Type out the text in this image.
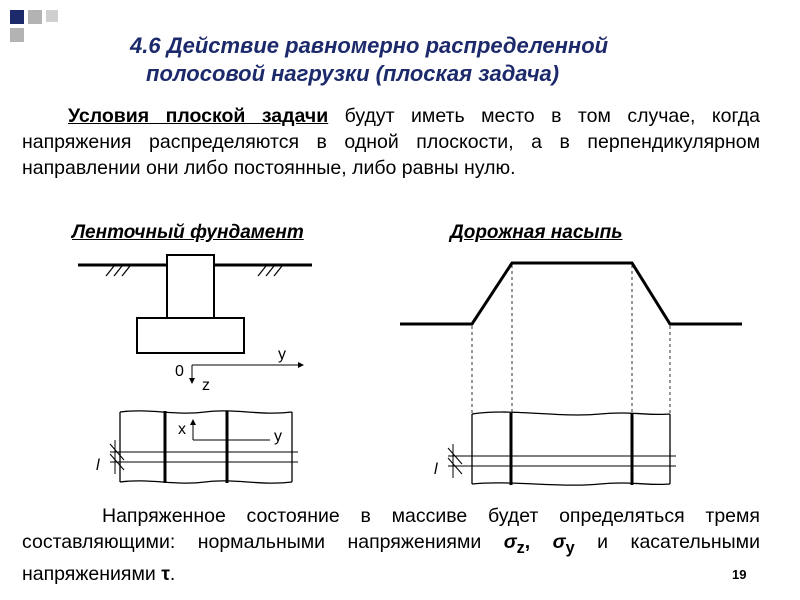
4.6 Действие равномерно распределенной
полосовой нагрузки (плоская задача)
Условия плоской задачи будут иметь место в том случае, когда напряжения распределяются в одной плоскости, а в перпендикулярном направлении они либо постоянные, либо равны нулю.
Ленточный фундамент	Дорожная насыпь
0
y
z
x	y
l	l
Напряженное состояние в массиве будет определяться тремя составляющими: нормальными напряжениями $\sigma_z$, $\sigma_y$ и касательными напряжениями τ.	19
